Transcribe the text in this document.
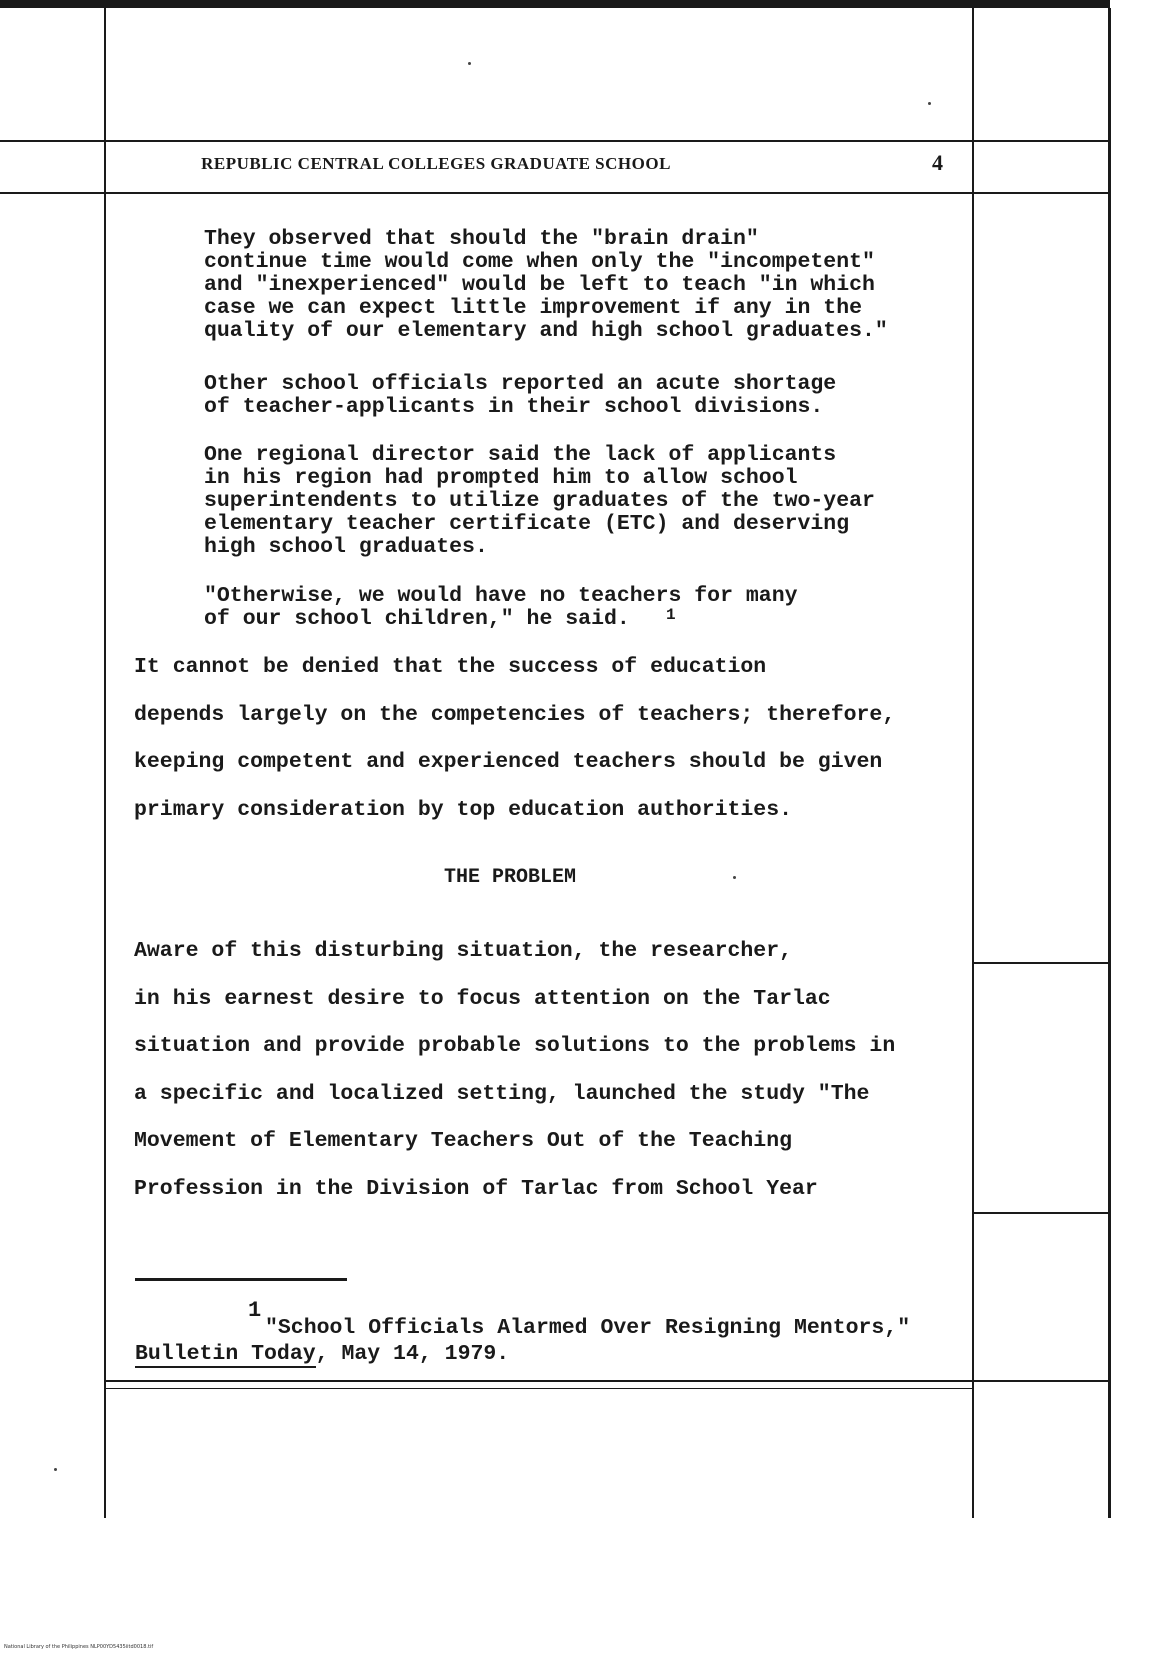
REPUBLIC CENTRAL COLLEGES GRADUATE SCHOOL	4

They observed that should the "brain drain"
continue time would come when only the "incompetent"
and "inexperienced" would be left to teach "in which
case we can expect little improvement if any in the
quality of our elementary and high school graduates."

Other school officials reported an acute shortage
of teacher-applicants in their school divisions.

One regional director said the lack of applicants
in his region had prompted him to allow school
superintendents to utilize graduates of the two-year
elementary teacher certificate (ETC) and deserving
high school graduates.

"Otherwise, we would have no teachers for many
of our school children," he said.	1

It cannot be denied that the success of education
depends largely on the competencies of teachers; therefore,
keeping competent and experienced teachers should be given
primary consideration by top education authorities.

THE PROBLEM

Aware of this disturbing situation, the researcher,
in his earnest desire to focus attention on the Tarlac
situation and provide probable solutions to the problems in
a specific and localized setting, launched the study "The
Movement of Elementary Teachers Out of the Teaching
Profession in the Division of Tarlac from School Year

1
"School Officials Alarmed Over Resigning Mentors,"
Bulletin Today, May 14, 1979.
National Library of the Philippines NLP00YD5435iitd0018.tif
